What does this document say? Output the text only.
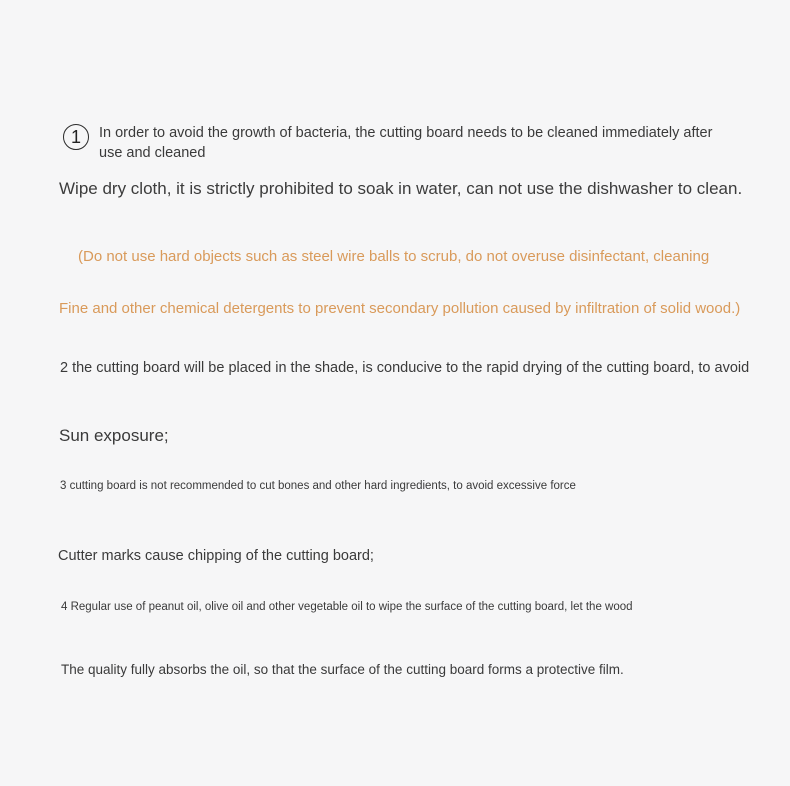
1	In order to avoid the growth of bacteria, the cutting board needs to be cleaned immediately after use and cleaned

Wipe dry cloth, it is strictly prohibited to soak in water, can not use the dishwasher to clean.

(Do not use hard objects such as steel wire balls to scrub, do not overuse disinfectant, cleaning

Fine and other chemical detergents to prevent secondary pollution caused by infiltration of solid wood.)

2 the cutting board will be placed in the shade, is conducive to the rapid drying of the cutting board, to avoid

Sun exposure;

3 cutting board is not recommended to cut bones and other hard ingredients, to avoid excessive force

Cutter marks cause chipping of the cutting board;

4 Regular use of peanut oil, olive oil and other vegetable oil to wipe the surface of the cutting board, let the wood

The quality fully absorbs the oil, so that the surface of the cutting board forms a protective film.
